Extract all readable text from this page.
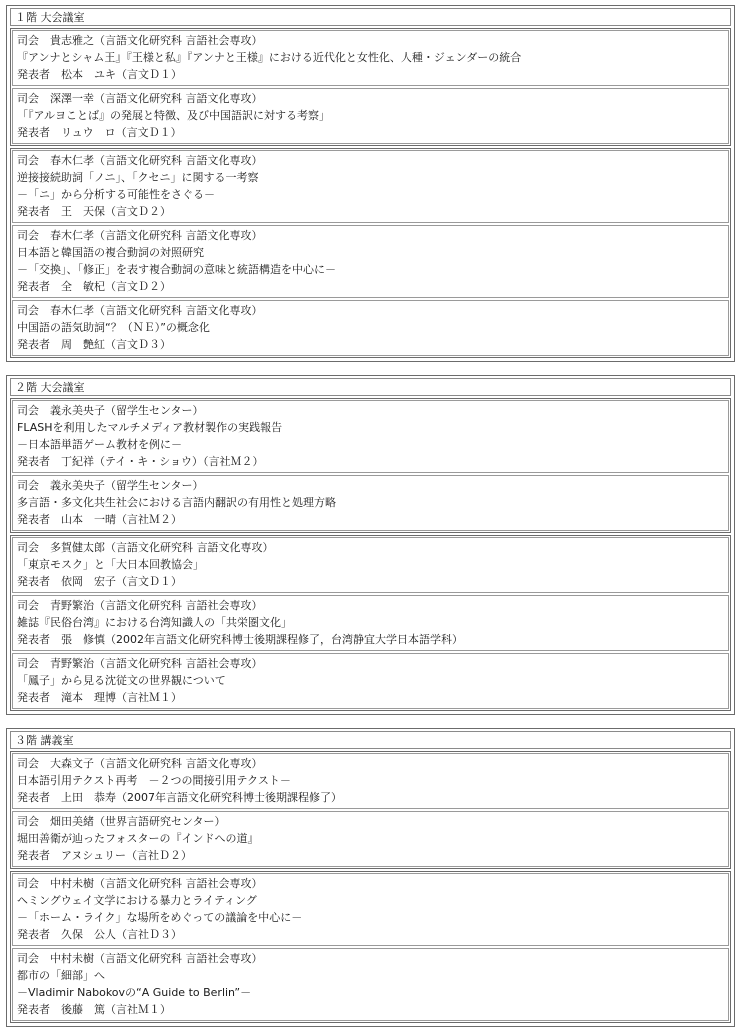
１階 大会議室
司会　貴志雅之（言語文化研究科 言語社会専攻）
『アンナとシャム王』『王様と私』『アンナと王様』における近代化と女性化、人種・ジェンダーの統合
発表者　松本　ユキ（言文Ｄ１）
司会　深澤一幸（言語文化研究科 言語文化専攻）
「『アルヨことば』の発展と特徴、及び中国語訳に対する考察」
発表者　リュウ　ロ（言文Ｄ１）
司会　春木仁孝（言語文化研究科 言語文化専攻）
逆接接続助詞「ノニ」、「クセニ」に関する一考察
－「ニ」から分析する可能性をさぐる－
発表者　王　天保（言文Ｄ２）
司会　春木仁孝（言語文化研究科 言語文化専攻）
日本語と韓国語の複合動詞の対照研究
－「交換」、「修正」を表す複合動詞の意味と統語構造を中心に－
発表者　全　敏杞（言文Ｄ２）
司会　春木仁孝（言語文化研究科 言語文化専攻）
中国語の語気助詞“？（ＮＥ）”の概念化
発表者　周　艶紅（言文Ｄ３）
２階 大会議室
司会　義永美央子（留学生センター）
FLASHを利用したマルチメディア教材製作の実践報告
－日本語単語ゲーム教材を例に－
発表者　丁紀祥（テイ・キ・ショウ）（言社Ｍ２）
司会　義永美央子（留学生センター）
多言語・多文化共生社会における言語内翻訳の有用性と処理方略
発表者　山本　一晴（言社Ｍ２）
司会　多賀健太郎（言語文化研究科 言語文化専攻）
「東京モスク」と「大日本回教協会」
発表者　依岡　宏子（言文Ｄ１）
司会　青野繁治（言語文化研究科 言語社会専攻）
雑誌『民俗台湾』における台湾知識人の「共栄圏文化」
発表者　張　修慎（2002年言語文化研究科博士後期課程修了，台湾静宜大学日本語学科）
司会　青野繁治（言語文化研究科 言語社会専攻）
「鳳子」から見る沈従文の世界観について
発表者　滝本　理博（言社Ｍ１）
３階 講義室
司会　大森文子（言語文化研究科 言語文化専攻）
日本語引用テクスト再考　－２つの間接引用テクスト－
発表者　上田　恭寿（2007年言語文化研究科博士後期課程修了）
司会　畑田美緒（世界言語研究センター）
堀田善衛が辿ったフォスターの『インドへの道』
発表者　アヌシュリー（言社Ｄ２）
司会　中村未樹（言語文化研究科 言語社会専攻）
ヘミングウェイ文学における暴力とライティング
－「ホーム・ライク」な場所をめぐっての議論を中心に－
発表者　久保　公人（言社Ｄ３）
司会　中村未樹（言語文化研究科 言語社会専攻）
都市の「細部」へ
－Vladimir Nabokovの“A Guide to Berlin”－
発表者　後藤　篤（言社Ｍ１）
